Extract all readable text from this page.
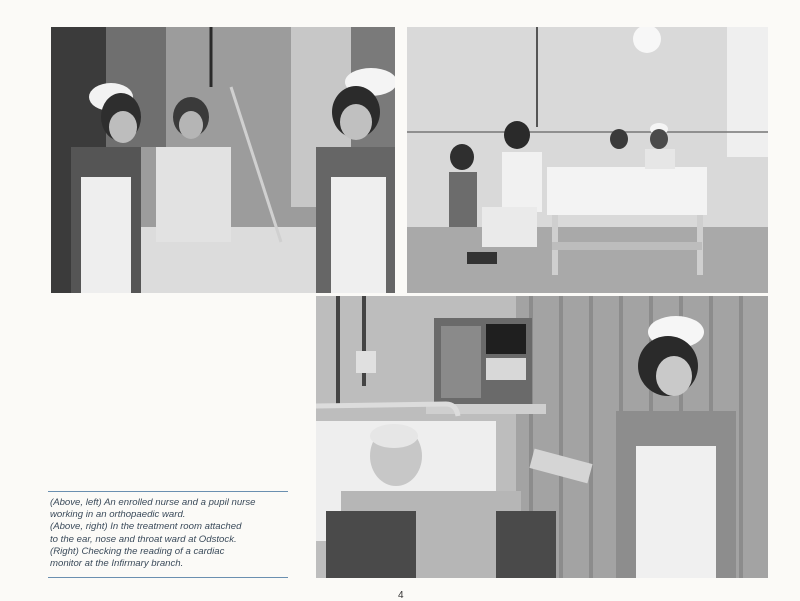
(Above, left) An enrolled nurse and a pupil nurse
working in an orthopaedic ward.
(Above, right) In the treatment room attached
to the ear, nose and throat ward at Odstock.
(Right) Checking the reading of a cardiac
monitor at the Infirmary branch.
4
